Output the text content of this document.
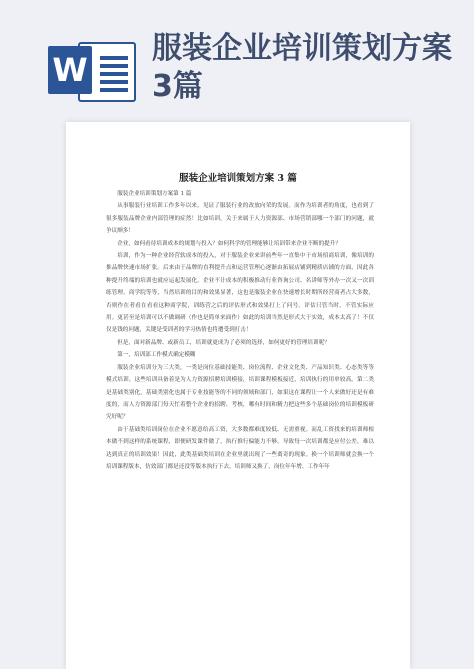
W
服装企业培训策划方案3篇
服装企业培训策划方案 3 篇

服装企业培训策划方案第 1 篇

从事服装行业培训工作多年以来，见证了服装行业的改放向荣的发展。而作为培训者的角度，也看到了很多服装品牌企业内部管理的症然！比如培训，关于来属于人力资源部、市场营销部哪一个部门的问题，就争议颇多！

企业，如何看待培训成本的规划与投入？如何科学的管理能够让培训带来企业不断的提升？

培训，作为一种企业经营软成本的投入，对于服装企业来讲前些年一直集中于市场招商培训，像培训的推品牌快速市场扩张。后来由于品牌的直利提升点和运营管理心逐渐由拓展店铺到精质店铺的方面，因此各种提升终端的培训也就应运起发展化。企业不计成本的积极推动行业咨询公司、名讲师等外办一次又一次训练管理、商学院等等，当然培训的目的和效果显著，这也是服装企业在快速增长时期所经营商者占大多数，否则作在者看在看看这种商学院，训练营之后的评估形式和效果打上了问号。评估只管当时，不管实际应用。更甚至是培训可以不做调研（作也是简单来面作）如此的培训当然是形式大于实效，成本太高了！不仅仅是钱的问题，关键是受训者的学习热情也将遭受到打击！

但是，面对新品牌、或新员工，培训就更成为了必须的选择，如何更好的管理培训呢？

第一，培训部工作模式确定模糊

服装企业培训分为三大类，一类是岗位基础技能类、岗位流程、企业文化类、产品知识类、心态类等等模式培训。这些培训具备着是为人力资源招聘培训模接，培训课程模板接近，培训执行的用单较高。第二类是基础类别化，基础类别化也属于专业技能等的不同的领域和部门，如果这在课程让一个人来做好还是有难度的，而人力资源部门每天忙着整个企业的招聘、考核，哪有时间和精力把这些多个基础岗位的培训模板研究好呢？

由于基础类培训岗位在企业不愿意给高工资，大多数都难度较低、无需重视。而乱工资找来的培训师根本做不到这样的系统课程，即便研发课件做了，执行推行偏能力不够，导致每一次培训都是应付公差，难以达到真正的培训效果！因此，此类基础类培训在企业里就出现了一些离奇的现象。换一个培训师就会换一个培训课程版本，仿效部门都是还没等版本执行下去，培训师又换了，岗位年年增、工作年年
